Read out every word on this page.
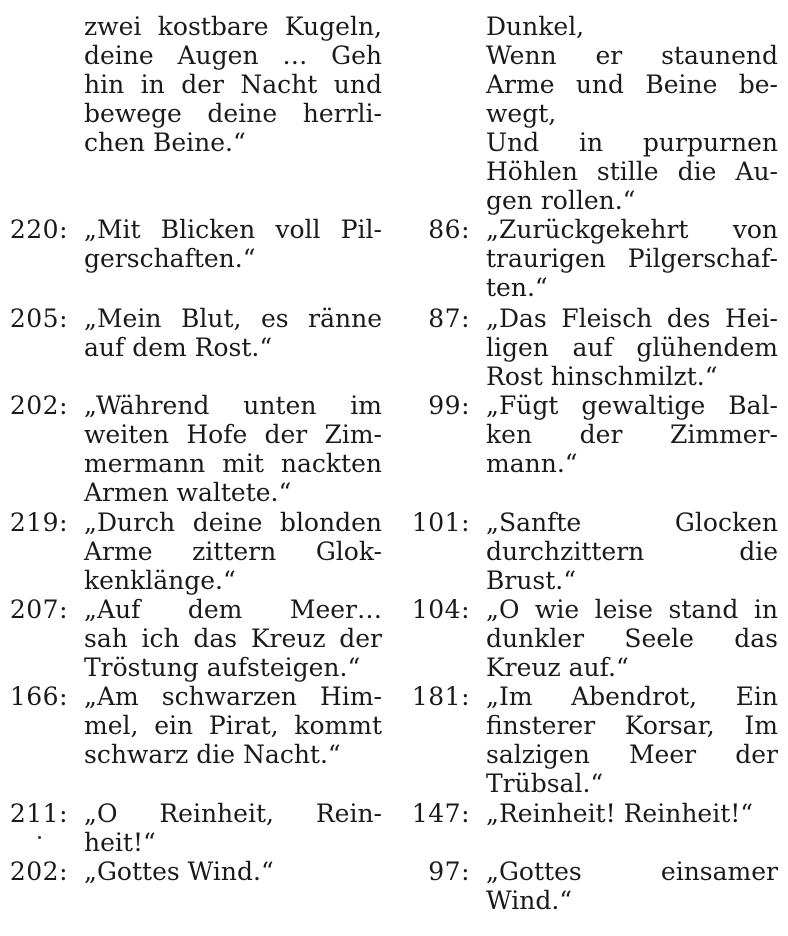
zwei kostbare Kugeln,
deine Augen … Geh
hin in der Nacht und
bewege deine herrli-
chen Beine.“
220: „Mit Blicken voll Pil-
gerschaften.“
205: „Mein Blut, es ränne
auf dem Rost.“
202: „Während unten im
weiten Hofe der Zim-
mermann mit nackten
Armen waltete.“
219: „Durch deine blonden
Arme zittern Glok-
kenklänge.“
207: „Auf dem Meer…
sah ich das Kreuz der
Tröstung aufsteigen.“
166: „Am schwarzen Him-
mel, ein Pirat, kommt
schwarz die Nacht.“
211: „O Reinheit, Rein-
heit!“
202: „Gottes Wind.“
Dunkel,
Wenn er staunend
Arme und Beine be-
wegt,
Und in purpurnen
Höhlen stille die Au-
gen rollen.“
86: „Zurückgekehrt von
traurigen Pilgerschaf-
ten.“
87: „Das Fleisch des Hei-
ligen auf glühendem
Rost hinschmilzt.“
99: „Fügt gewaltige Bal-
ken der Zimmer-
mann.“
101: „Sanfte Glocken
durchzittern die
Brust.“
104: „O wie leise stand in
dunkler Seele das
Kreuz auf.“
181: „Im Abendrot, Ein
finsterer Korsar, Im
salzigen Meer der
Trübsal.“
147: „Reinheit! Reinheit!“
97: „Gottes einsamer
Wind.“
